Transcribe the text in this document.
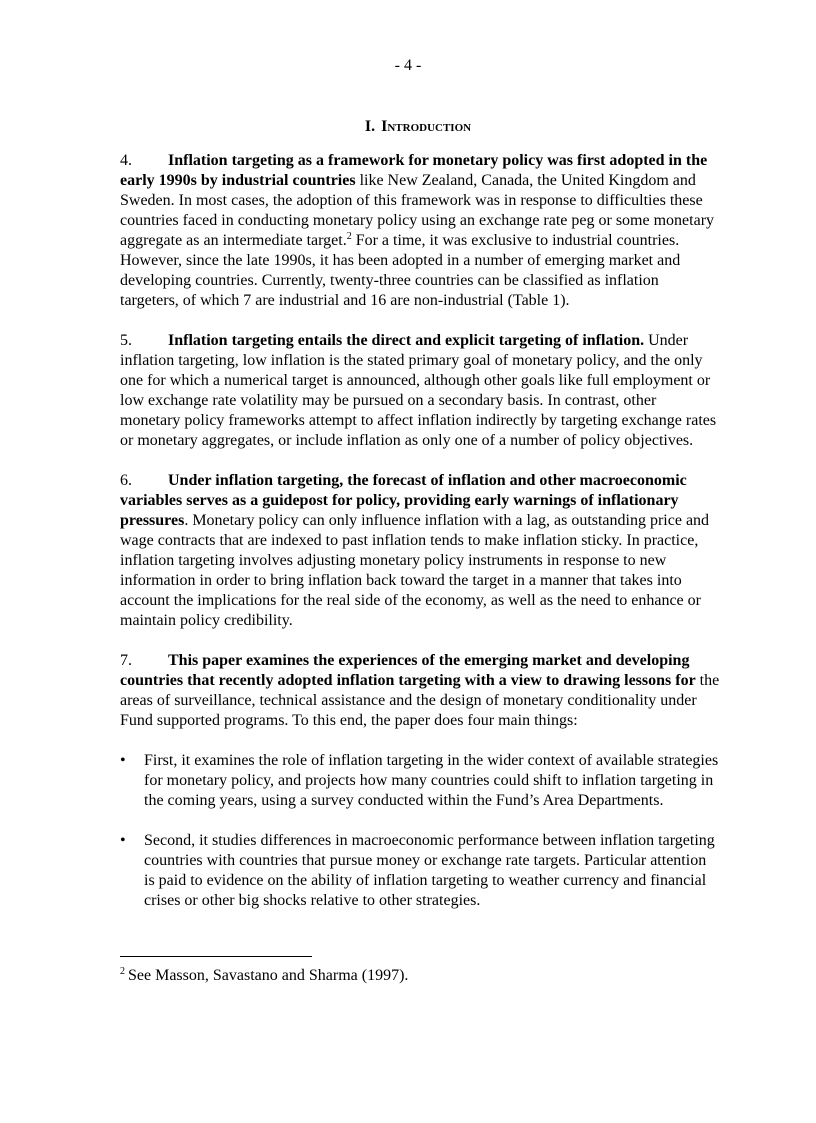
- 4 -
I. Introduction

4. Inflation targeting as a framework for monetary policy was first adopted in the early 1990s by industrial countries like New Zealand, Canada, the United Kingdom and Sweden. In most cases, the adoption of this framework was in response to difficulties these countries faced in conducting monetary policy using an exchange rate peg or some monetary aggregate as an intermediate target.$^2$ For a time, it was exclusive to industrial countries. However, since the late 1990s, it has been adopted in a number of emerging market and developing countries. Currently, twenty-three countries can be classified as inflation targeters, of which 7 are industrial and 16 are non-industrial (Table 1).

5. Inflation targeting entails the direct and explicit targeting of inflation. Under inflation targeting, low inflation is the stated primary goal of monetary policy, and the only one for which a numerical target is announced, although other goals like full employment or low exchange rate volatility may be pursued on a secondary basis. In contrast, other monetary policy frameworks attempt to affect inflation indirectly by targeting exchange rates or monetary aggregates, or include inflation as only one of a number of policy objectives.

6. Under inflation targeting, the forecast of inflation and other macroeconomic variables serves as a guidepost for policy, providing early warnings of inflationary pressures. Monetary policy can only influence inflation with a lag, as outstanding price and wage contracts that are indexed to past inflation tends to make inflation sticky. In practice, inflation targeting involves adjusting monetary policy instruments in response to new information in order to bring inflation back toward the target in a manner that takes into account the implications for the real side of the economy, as well as the need to enhance or maintain policy credibility.

7. This paper examines the experiences of the emerging market and developing countries that recently adopted inflation targeting with a view to drawing lessons for the areas of surveillance, technical assistance and the design of monetary conditionality under Fund supported programs. To this end, the paper does four main things:

•	First, it examines the role of inflation targeting in the wider context of available strategies for monetary policy, and projects how many countries could shift to inflation targeting in the coming years, using a survey conducted within the Fund’s Area Departments.
•	Second, it studies differences in macroeconomic performance between inflation targeting countries with countries that pursue money or exchange rate targets. Particular attention is paid to evidence on the ability of inflation targeting to weather currency and financial crises or other big shocks relative to other strategies.
$^2$ See Masson, Savastano and Sharma (1997).
